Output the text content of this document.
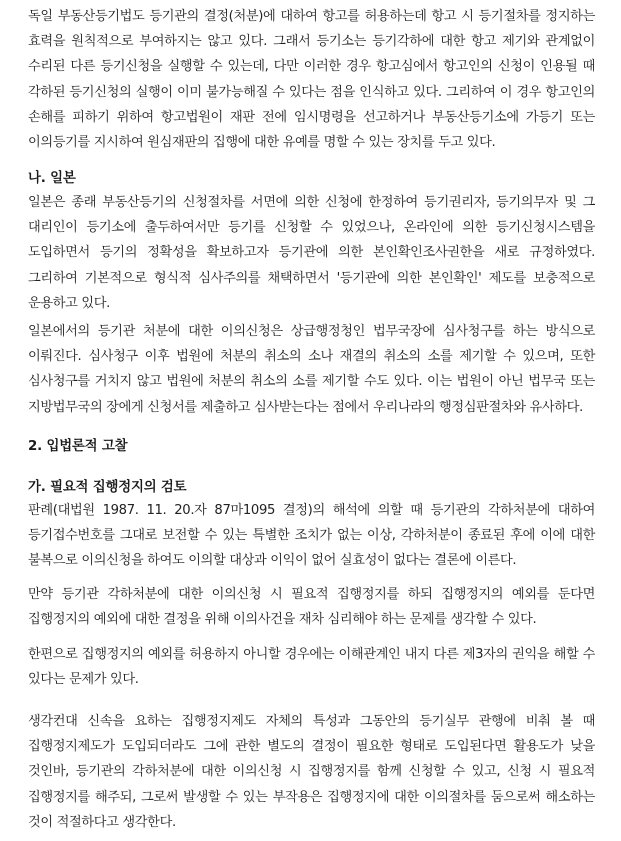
독일 부동산등기법도 등기관의 결정(처분)에 대하여 항고를 허용하는데 항고 시 등기절차를 정지하는 효력을 원칙적으로 부여하지는 않고 있다. 그래서 등기소는 등기각하에 대한 항고 제기와 관계없이 수리된 다른 등기신청을 실행할 수 있는데, 다만 이러한 경우 항고심에서 항고인의 신청이 인용될 때 각하된 등기신청의 실행이 이미 불가능해질 수 있다는 점을 인식하고 있다. 그리하여 이 경우 항고인의 손해를 피하기 위하여 항고법원이 재판 전에 임시명령을 선고하거나 부동산등기소에 가등기 또는 이의등기를 지시하여 원심재판의 집행에 대한 유예를 명할 수 있는 장치를 두고 있다.

나. 일본

일본은 종래 부동산등기의 신청절차를 서면에 의한 신청에 한정하여 등기권리자, 등기의무자 및 그 대리인이 등기소에 출두하여서만 등기를 신청할 수 있었으나, 온라인에 의한 등기신청시스템을 도입하면서 등기의 정확성을 확보하고자 등기관에 의한 본인확인조사권한을 새로 규정하였다. 그리하여 기본적으로 형식적 심사주의를 채택하면서 '등기관에 의한 본인확인' 제도를 보충적으로 운용하고 있다.

일본에서의 등기관 처분에 대한 이의신청은 상급행정청인 법무국장에 심사청구를 하는 방식으로 이뤄진다. 심사청구 이후 법원에 처분의 취소의 소나 재결의 취소의 소를 제기할 수 있으며, 또한 심사청구를 거치지 않고 법원에 처분의 취소의 소를 제기할 수도 있다. 이는 법원이 아닌 법무국 또는 지방법무국의 장에게 신청서를 제출하고 심사받는다는 점에서 우리나라의 행정심판절차와 유사하다.

2. 입법론적 고찰
가. 필요적 집행정지의 검토

판례(대법원 1987. 11. 20.자 87마1095 결정)의 해석에 의할 때 등기관의 각하처분에 대하여 등기접수번호를 그대로 보전할 수 있는 특별한 조치가 없는 이상, 각하처분이 종료된 후에 이에 대한 불복으로 이의신청을 하여도 이의할 대상과 이익이 없어 실효성이 없다는 결론에 이른다.

만약 등기관 각하처분에 대한 이의신청 시 필요적 집행정지를 하되 집행정지의 예외를 둔다면 집행정지의 예외에 대한 결정을 위해 이의사건을 재차 심리해야 하는 문제를 생각할 수 있다.

한편으로 집행정지의 예외를 허용하지 아니할 경우에는 이해관계인 내지 다른 제3자의 권익을 해할 수 있다는 문제가 있다.

생각컨대 신속을 요하는 집행정지제도 자체의 특성과 그동안의 등기실무 관행에 비춰 볼 때 집행정지제도가 도입되더라도 그에 관한 별도의 결정이 필요한 형태로 도입된다면 활용도가 낮을 것인바, 등기관의 각하처분에 대한 이의신청 시 집행정지를 함께 신청할 수 있고, 신청 시 필요적 집행정지를 해주되, 그로써 발생할 수 있는 부작용은 집행정지에 대한 이의절차를 둠으로써 해소하는 것이 적절하다고 생각한다.
